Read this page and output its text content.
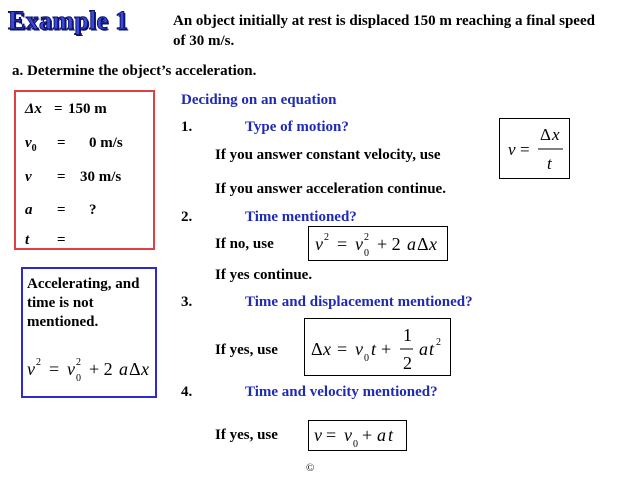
Example 1	An object initially at rest is displaced 150 m reaching a final speed of 30 m/s.
a. Determine the object’s acceleration.
Δx = 150 m
$v_0 = 0$ m/s
v = 30 m/s
a = ?
t =
Accelerating, and time is not mentioned.
v 2 = v 2
0 + 2 a Δ x
Deciding on an equation
1.	Type of motion?
If you answer constant velocity, use	v =
Δ x
t
If you answer acceleration continue.
2.	Time mentioned?
If no, use v 2 = v 2
0 + 2 a Δ x
If yes continue.
3.	Time and displacement mentioned?
If yes, use Δ x = v 0 t +
1
2
a t 2
4.	Time and velocity mentioned?
If yes, use v = v 0 + a t
©
